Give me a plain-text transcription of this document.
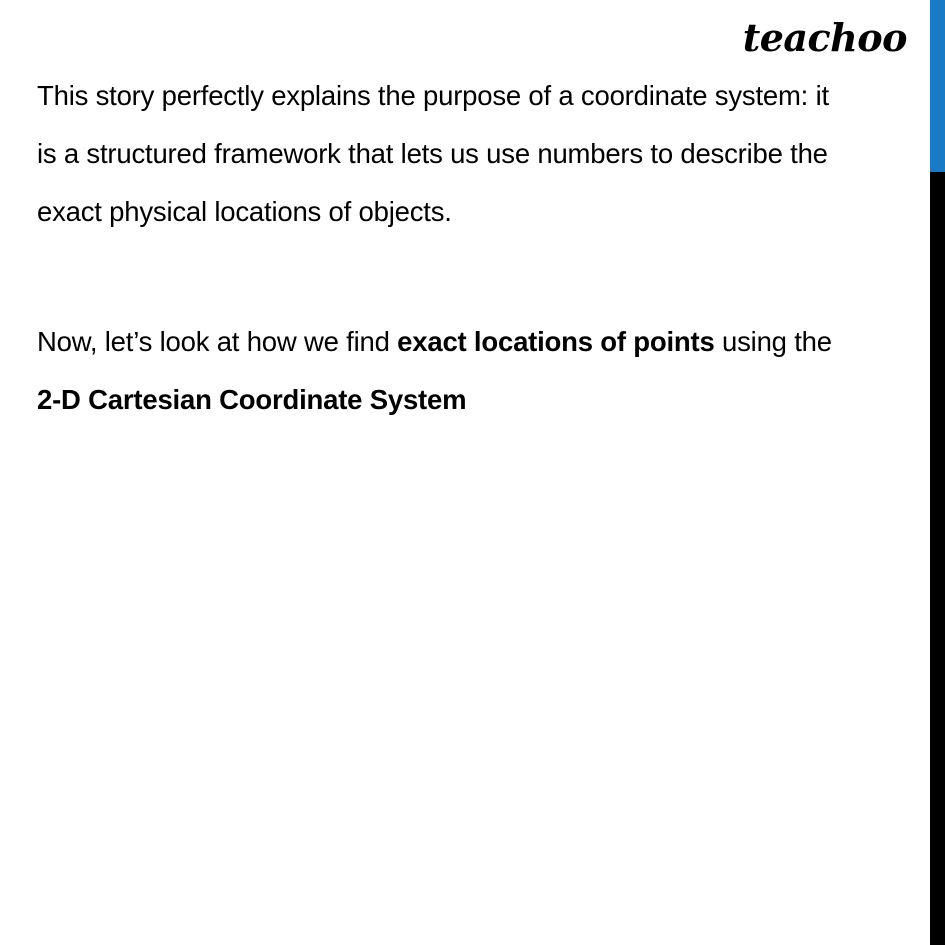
teachoo

This story perfectly explains the purpose of a coordinate system: it
is a structured framework that lets us use numbers to describe the
exact physical locations of objects.

Now, let’s look at how we find exact locations of points using the
2-D Cartesian Coordinate System
